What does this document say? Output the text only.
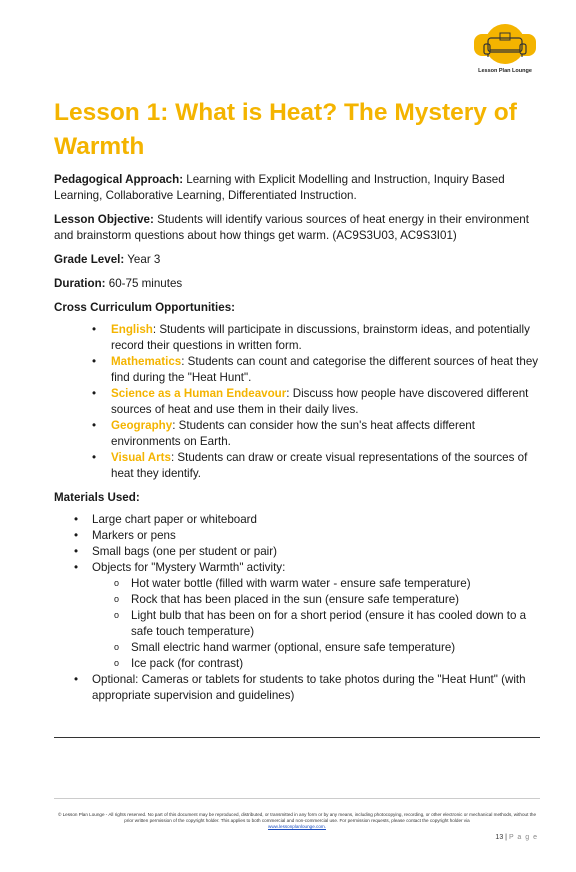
Lesson Plan Lounge
Lesson 1: What is Heat? The Mystery of Warmth

Pedagogical Approach: Learning with Explicit Modelling and Instruction, Inquiry Based Learning, Collaborative Learning, Differentiated Instruction.

Lesson Objective: Students will identify various sources of heat energy in their environment and brainstorm questions about how things get warm. (AC9S3U03, AC9S3I01)

Grade Level: Year 3

Duration: 60-75 minutes

Cross Curriculum Opportunities:

• English: Students will participate in discussions, brainstorm ideas, and potentially record their questions in written form.
• Mathematics: Students can count and categorise the different sources of heat they find during the "Heat Hunt".
• Science as a Human Endeavour: Discuss how people have discovered different sources of heat and use them in their daily lives.
• Geography: Students can consider how the sun's heat affects different environments on Earth.
• Visual Arts: Students can draw or create visual representations of the sources of heat they identify.

Materials Used:

• Large chart paper or whiteboard
• Markers or pens
• Small bags (one per student or pair)
• Objects for "Mystery Warmth" activity:
o Hot water bottle (filled with warm water - ensure safe temperature)
o Rock that has been placed in the sun (ensure safe temperature)
o Light bulb that has been on for a short period (ensure it has cooled down to a safe touch temperature)
o Small electric hand warmer (optional, ensure safe temperature)
o Ice pack (for contrast)
• Optional: Cameras or tablets for students to take photos during the "Heat Hunt" (with appropriate supervision and guidelines)
© Lesson Plan Lounge - All rights reserved. No part of this document may be reproduced, distributed, or transmitted in any form or by any means, including photocopying, recording, or other electronic or mechanical methods, without the prior written permission of the copyright holder. This applies to both commercial and non-commercial use. For permission requests, please contact the copyright holder via
www.lessonplanlounge.com.
13 | P a g e
